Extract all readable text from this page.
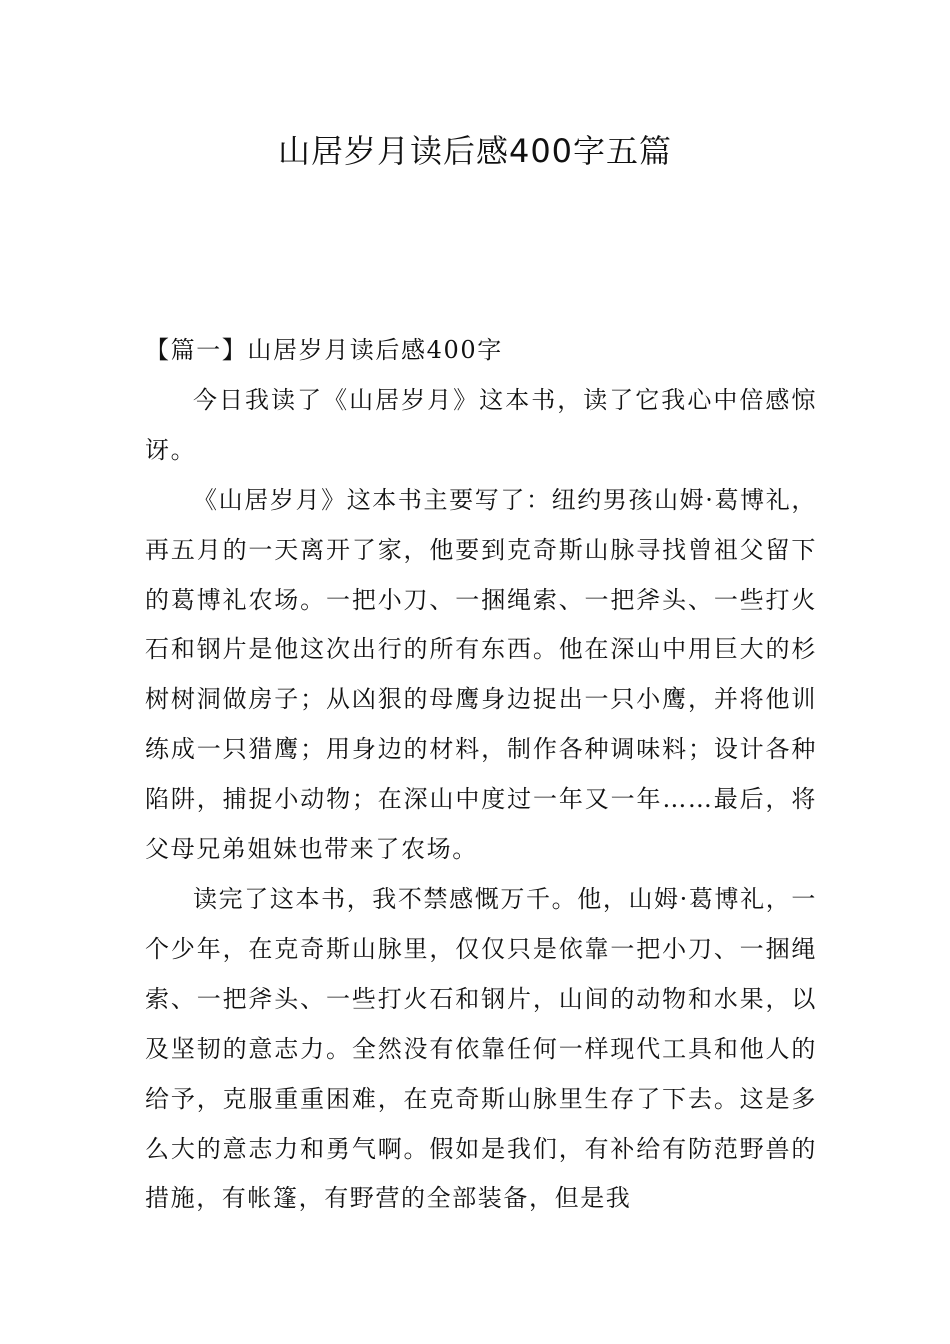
山居岁月读后感400字五篇

【篇一】山居岁月读后感400字

今日我读了《山居岁月》这本书，读了它我心中倍感惊讶。

《山居岁月》这本书主要写了：纽约男孩山姆·葛博礼，再五月的一天离开了家，他要到克奇斯山脉寻找曾祖父留下的葛博礼农场。一把小刀、一捆绳索、一把斧头、一些打火石和钢片是他这次出行的所有东西。他在深山中用巨大的杉树树洞做房子；从凶狠的母鹰身边捉出一只小鹰，并将他训练成一只猎鹰；用身边的材料，制作各种调味料；设计各种陷阱，捕捉小动物；在深山中度过一年又一年……最后，将父母兄弟姐妹也带来了农场。

读完了这本书，我不禁感慨万千。他，山姆·葛博礼，一个少年，在克奇斯山脉里，仅仅只是依靠一把小刀、一捆绳索、一把斧头、一些打火石和钢片，山间的动物和水果，以及坚韧的意志力。全然没有依靠任何一样现代工具和他人的给予，克服重重困难，在克奇斯山脉里生存了下去。这是多么大的意志力和勇气啊。假如是我们，有补给有防范野兽的措施，有帐篷，有野营的全部装备，但是我
